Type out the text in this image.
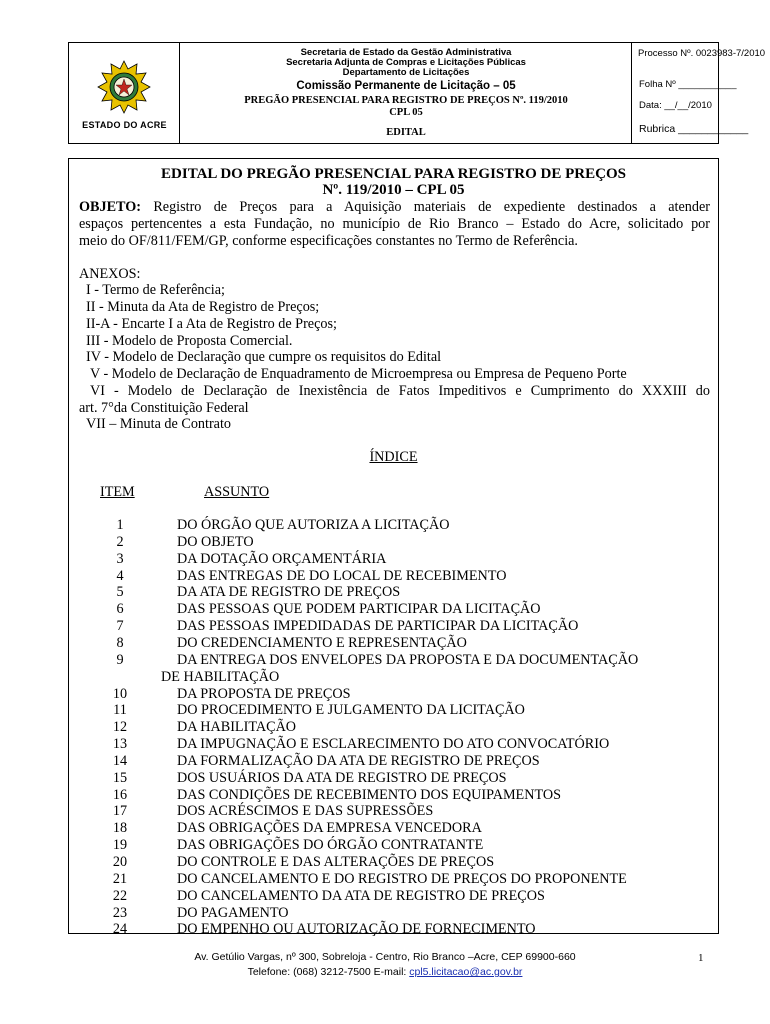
ESTADO DO ACRE
Secretaria de Estado da Gestão Administrativa
Secretaria Adjunta de Compras e Licitações Públicas
Departamento de Licitações
Comissão Permanente de Licitação – 05
PREGÃO PRESENCIAL PARA REGISTRO DE PREÇOS Nº. 119/2010
CPL 05
EDITAL
Processo Nº. 0023983-7/2010
Folha Nº ___________
Data: __/__/2010
Rubrica ____________
EDITAL DO PREGÃO PRESENCIAL PARA REGISTRO DE PREÇOS
Nº. 119/2010 – CPL 05
OBJETO: Registro de Preços para a Aquisição materiais de expediente destinados a atender
espaços pertencentes a esta Fundação, no município de Rio Branco – Estado do Acre, solicitado por
meio do OF/811/FEM/GP, conforme especificações constantes no Termo de Referência.
ANEXOS:
I - Termo de Referência;
II - Minuta da Ata de Registro de Preços;
II-A - Encarte I a Ata de Registro de Preços;
III - Modelo de Proposta Comercial.
IV - Modelo de Declaração que cumpre os requisitos do Edital
V - Modelo de Declaração de Enquadramento de Microempresa ou Empresa de Pequeno Porte
VI - Modelo de Declaração de Inexistência de Fatos Impeditivos e Cumprimento do XXXIII do
art. 7°da Constituição Federal
VII – Minuta de Contrato
ÍNDICE
ITEM	ASSUNTO
1	DO ÓRGÃO QUE AUTORIZA A LICITAÇÃO
2	DO OBJETO
3	DA DOTAÇÃO ORÇAMENTÁRIA
4	DAS ENTREGAS DE DO LOCAL DE RECEBIMENTO
5	DA ATA DE REGISTRO DE PREÇOS
6	DAS PESSOAS QUE PODEM PARTICIPAR DA LICITAÇÃO
7	DAS PESSOAS IMPEDIDADAS DE PARTICIPAR DA LICITAÇÃO
8	DO CREDENCIAMENTO E REPRESENTAÇÃO
9	DA ENTREGA DOS ENVELOPES DA PROPOSTA E DA DOCUMENTAÇÃO
DE HABILITAÇÃO
10	DA PROPOSTA DE PREÇOS
11	DO PROCEDIMENTO E JULGAMENTO DA LICITAÇÃO
12	DA HABILITAÇÃO
13	DA IMPUGNAÇÃO E ESCLARECIMENTO DO ATO CONVOCATÓRIO
14	DA FORMALIZAÇÃO DA ATA DE REGISTRO DE PREÇOS
15	DOS USUÁRIOS DA ATA DE REGISTRO DE PREÇOS
16	DAS CONDIÇÕES DE RECEBIMENTO DOS EQUIPAMENTOS
17	DOS ACRÉSCIMOS E DAS SUPRESSÕES
18	DAS OBRIGAÇÕES DA EMPRESA VENCEDORA
19	DAS OBRIGAÇÕES DO ÓRGÃO CONTRATANTE
20	DO CONTROLE E DAS ALTERAÇÕES DE PREÇOS
21	DO CANCELAMENTO E DO REGISTRO DE PREÇOS DO PROPONENTE
22	DO CANCELAMENTO DA ATA DE REGISTRO DE PREÇOS
23	DO PAGAMENTO
24	DO EMPENHO OU AUTORIZAÇÃO DE FORNECIMENTO
Av. Getúlio Vargas, nº 300, Sobreloja - Centro, Rio Branco –Acre, CEP 69900-660
Telefone: (068) 3212-7500 E-mail: cpl5.licitacao@ac.gov.br
1
